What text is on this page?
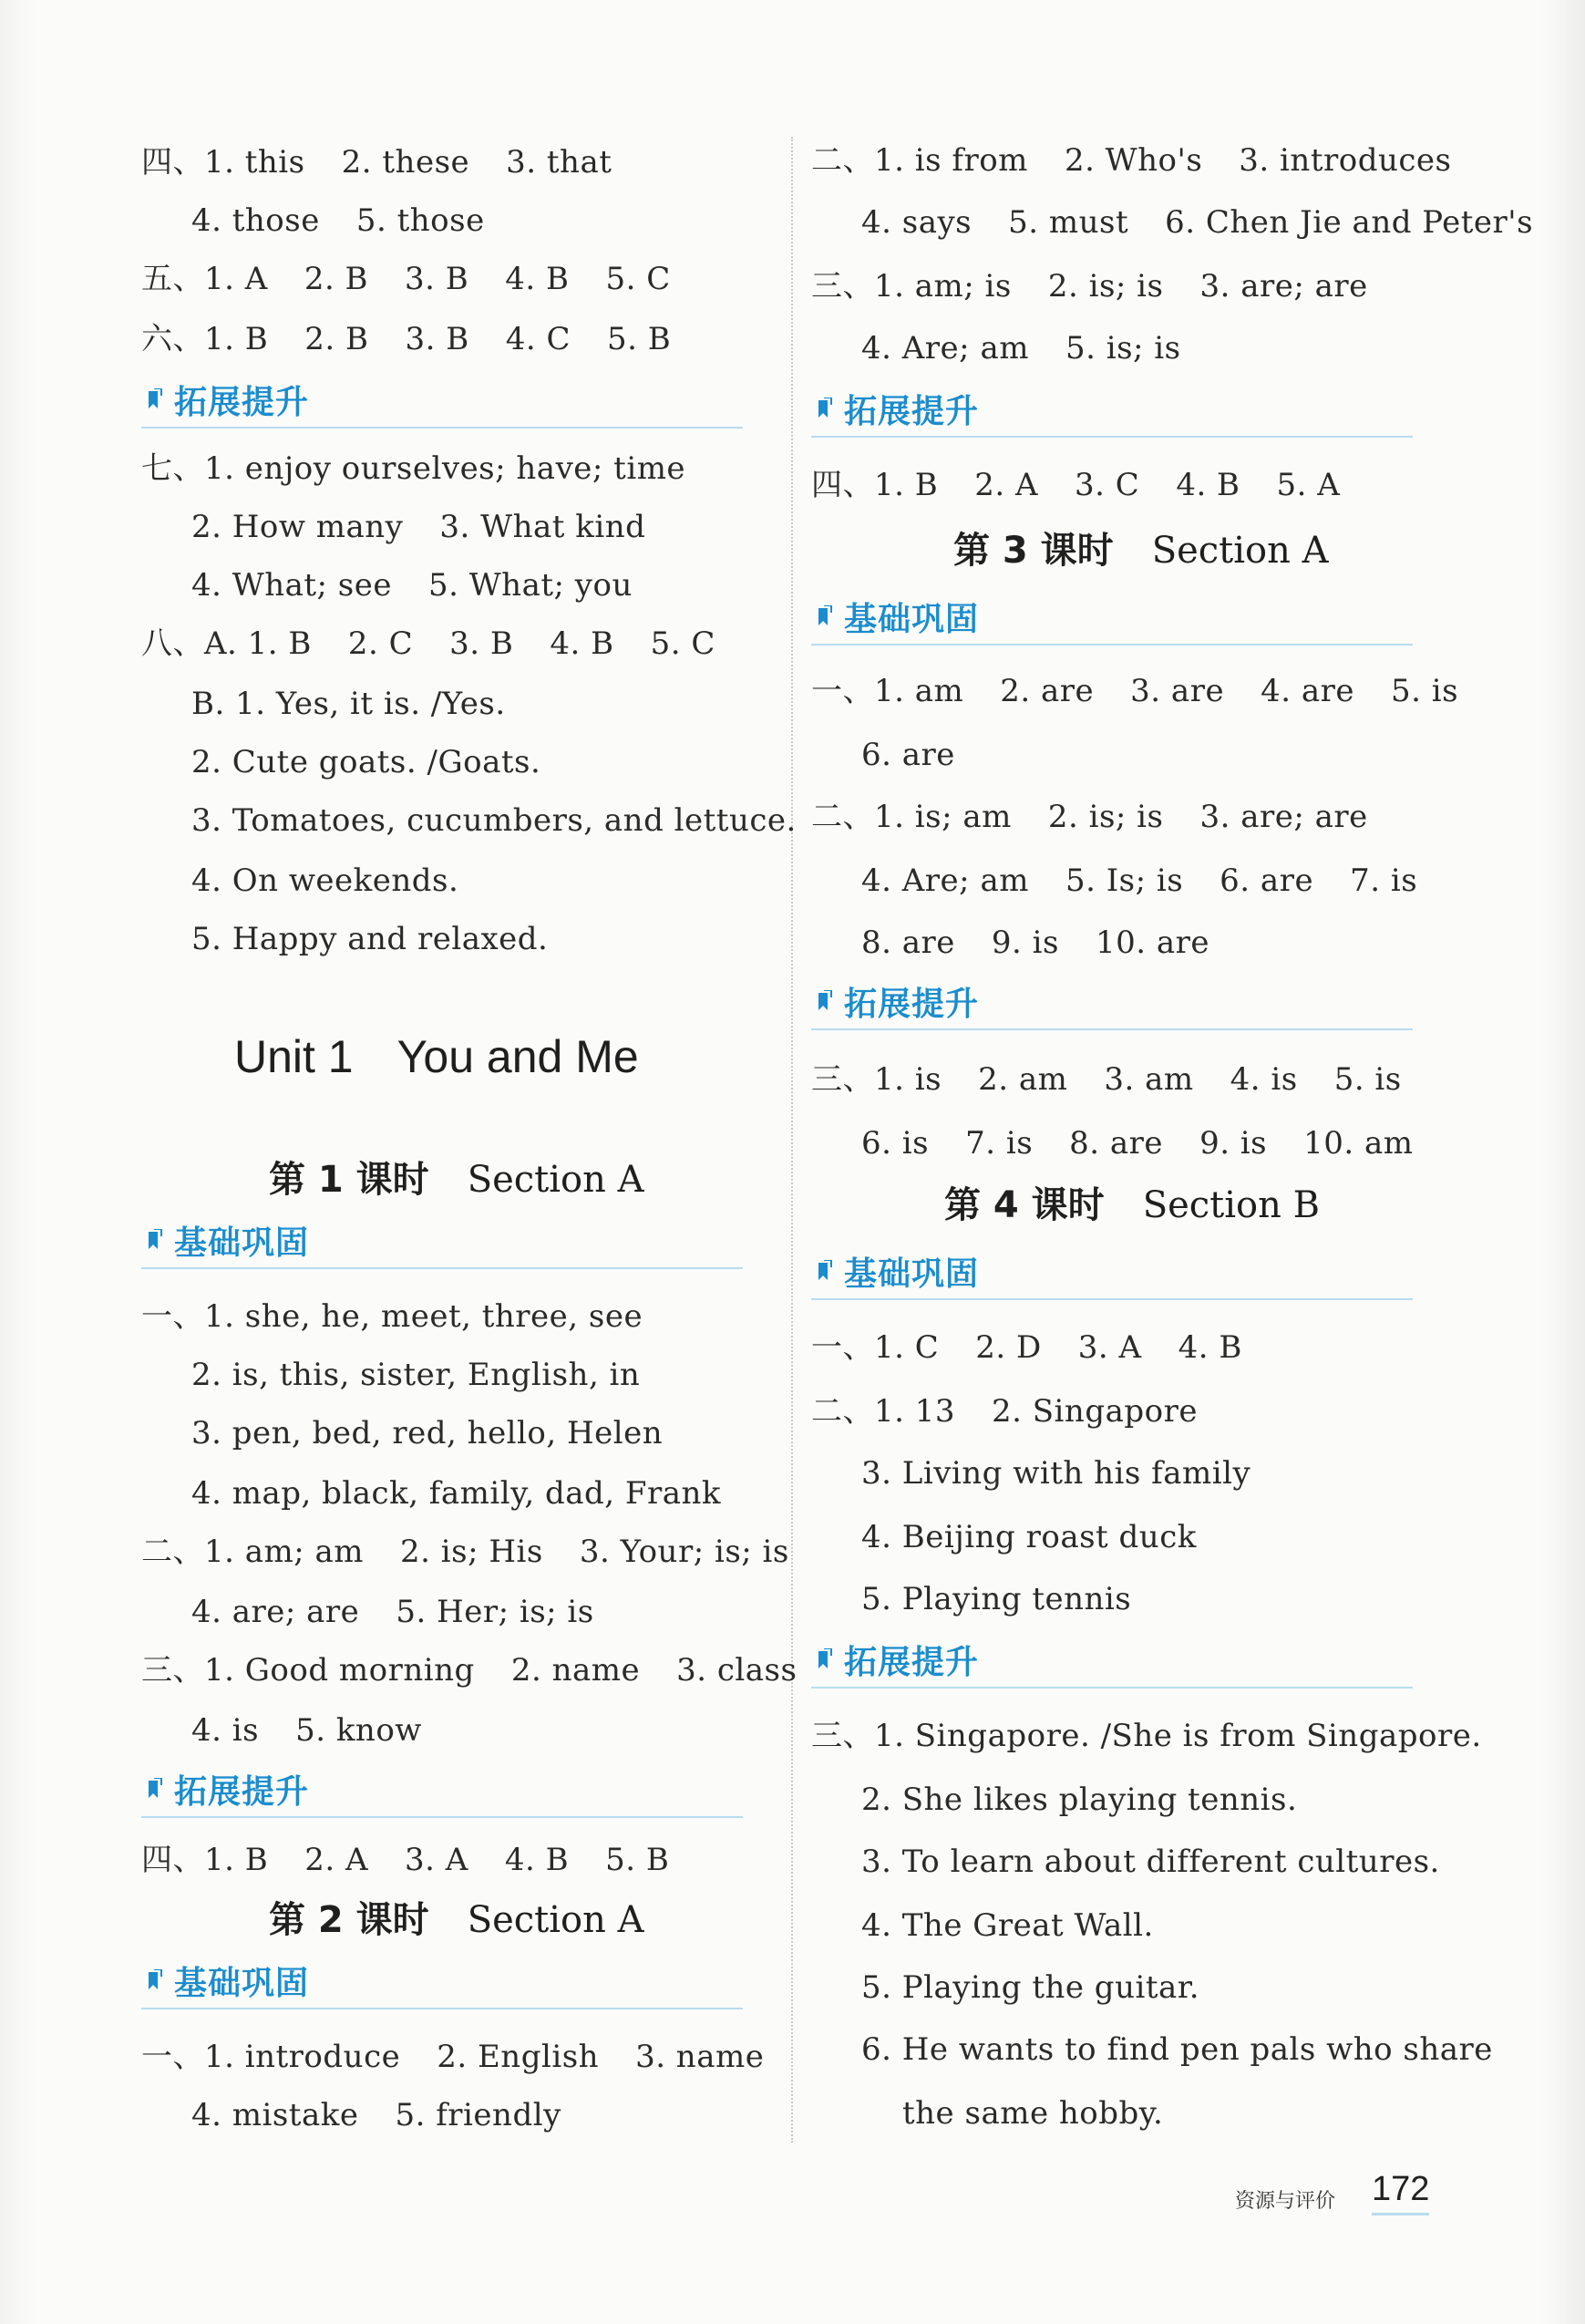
四、1. this 2. these 3. that
4. those 5. those
五、1. A 2. B 3. B 4. B 5. C
六、1. B 2. B 3. B 4. C 5. B
拓展提升
七、1. enjoy ourselves; have; time
2. How many 3. What kind
4. What; see 5. What; you
八、A. 1. B 2. C 3. B 4. B 5. C
B. 1. Yes, it is. /Yes.
2. Cute goats. /Goats.
3. Tomatoes, cucumbers, and lettuce.
4. On weekends.
5. Happy and relaxed.
Unit 1 You and Me
第 1 课时 Section A
基础巩固
一、1. she, he, meet, three, see
2. is, this, sister, English, in
3. pen, bed, red, hello, Helen
4. map, black, family, dad, Frank
二、1. am; am 2. is; His 3. Your; is; is
4. are; are 5. Her; is; is
三、1. Good morning 2. name 3. class
4. is 5. know
拓展提升
四、1. B 2. A 3. A 4. B 5. B
第 2 课时 Section A
基础巩固
一、1. introduce 2. English 3. name
4. mistake 5. friendly
二、1. is from 2. Who's 3. introduces
4. says 5. must 6. Chen Jie and Peter's
三、1. am; is 2. is; is 3. are; are
4. Are; am 5. is; is
拓展提升
四、1. B 2. A 3. C 4. B 5. A
第 3 课时 Section A
基础巩固
一、1. am 2. are 3. are 4. are 5. is
6. are
二、1. is; am 2. is; is 3. are; are
4. Are; am 5. Is; is 6. are 7. is
8. are 9. is 10. are
拓展提升
三、1. is 2. am 3. am 4. is 5. is
6. is 7. is 8. are 9. is 10. am
第 4 课时 Section B
基础巩固
一、1. C 2. D 3. A 4. B
二、1. 13 2. Singapore
3. Living with his family
4. Beijing roast duck
5. Playing tennis
拓展提升
三、1. Singapore. /She is from Singapore.
2. She likes playing tennis.
3. To learn about different cultures.
4. The Great Wall.
5. Playing the guitar.
6. He wants to find pen pals who share
the same hobby.
资源与评价 172
